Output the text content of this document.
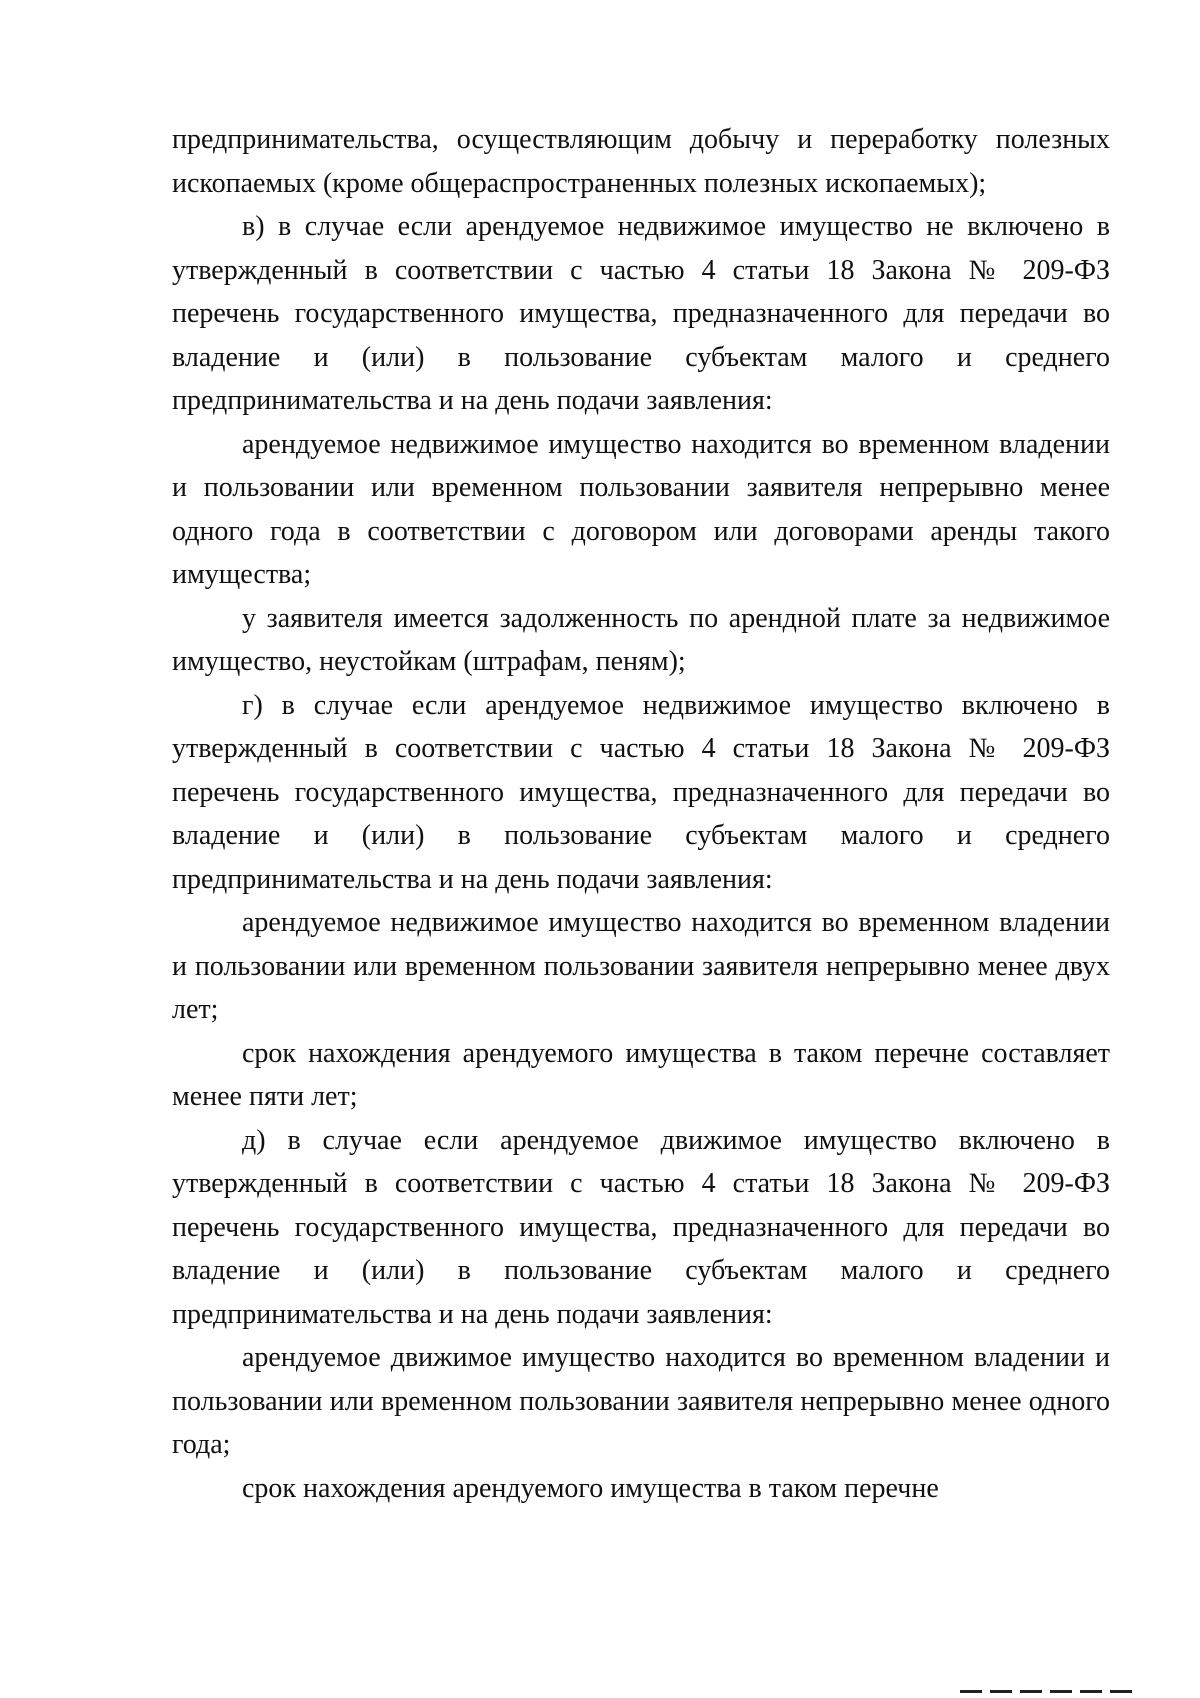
предпринимательства, осуществляющим добычу и переработку полезных ископаемых (кроме общераспространенных полезных ископаемых);

в) в случае если арендуемое недвижимое имущество не включено в утвержденный в соответствии с частью 4 статьи 18 Закона № 209-ФЗ перечень государственного имущества, предназначенного для передачи во владение и (или) в пользование субъектам малого и среднего предпринимательства и на день подачи заявления:

арендуемое недвижимое имущество находится во временном владении и пользовании или временном пользовании заявителя непрерывно менее одного года в соответствии с договором или договорами аренды такого имущества;

у заявителя имеется задолженность по арендной плате за недвижимое имущество, неустойкам (штрафам, пеням);

г) в случае если арендуемое недвижимое имущество включено в утвержденный в соответствии с частью 4 статьи 18 Закона № 209-ФЗ перечень государственного имущества, предназначенного для передачи во владение и (или) в пользование субъектам малого и среднего предпринимательства и на день подачи заявления:

арендуемое недвижимое имущество находится во временном владении и пользовании или временном пользовании заявителя непрерывно менее двух лет;

срок нахождения арендуемого имущества в таком перечне составляет менее пяти лет;

д) в случае если арендуемое движимое имущество включено в утвержденный в соответствии с частью 4 статьи 18 Закона № 209-ФЗ перечень государственного имущества, предназначенного для передачи во владение и (или) в пользование субъектам малого и среднего предпринимательства и на день подачи заявления:

арендуемое движимое имущество находится во временном владении и пользовании или временном пользовании заявителя непрерывно менее одного года;

срок нахождения арендуемого имущества в таком перечне
